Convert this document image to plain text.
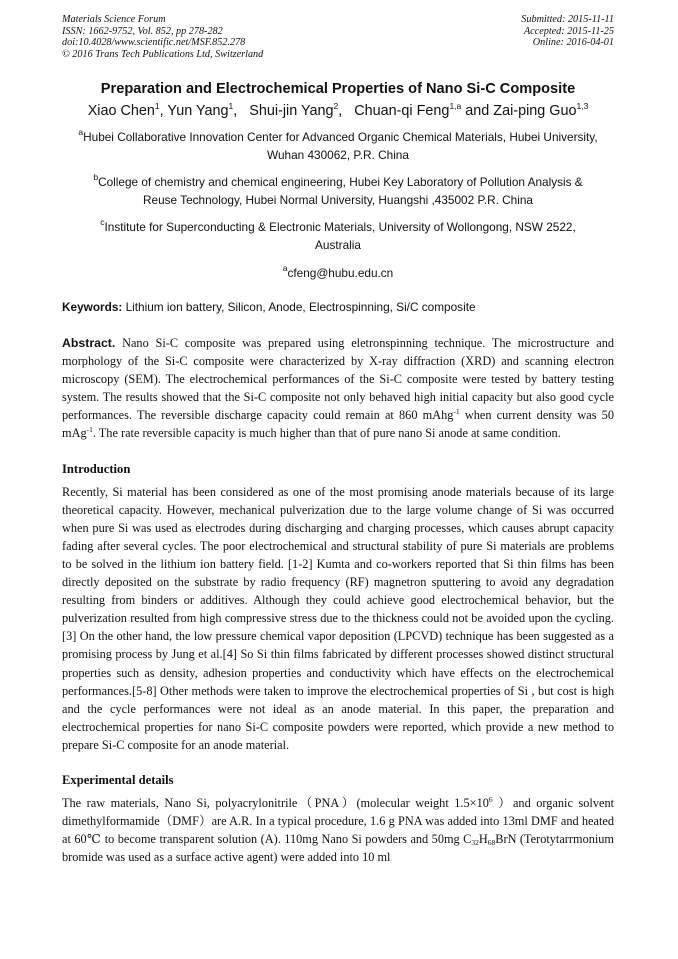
Materials Science Forum
ISSN: 1662-9752, Vol. 852, pp 278-282
doi:10.4028/www.scientific.net/MSF.852.278
© 2016 Trans Tech Publications Ltd, Switzerland
Submitted: 2015-11-11
Accepted: 2015-11-25
Online: 2016-04-01
Preparation and Electrochemical Properties of Nano Si-C Composite
Xiao Chen$^1$, Yun Yang$^1$,   Shui-jin Yang$^2$,   Chuan-qi Feng$^{1,a}$ and Zai-ping Guo$^{1,3}$
$^a$Hubei Collaborative Innovation Center for Advanced Organic Chemical Materials, Hubei University,
Wuhan 430062, P.R. China
$^b$College of chemistry and chemical engineering, Hubei Key Laboratory of Pollution Analysis &
Reuse Technology, Hubei Normal University, Huangshi ,435002 P.R. China
$^c$Institute for Superconducting & Electronic Materials, University of Wollongong, NSW 2522,
Australia
$^a$cfeng@hubu.edu.cn
Keywords: Lithium ion battery, Silicon, Anode, Electrospinning, Si/C composite
Abstract. Nano Si-C composite was prepared using eletronspinning technique. The microstructure and morphology of the Si-C composite were characterized by X-ray diffraction (XRD) and scanning electron microscopy (SEM). The electrochemical performances of the Si-C composite were tested by battery testing system. The results showed that the Si-C composite not only behaved high initial capacity but also good cycle performances. The reversible discharge capacity could remain at 860 mAhg$^{-1}$ when current density was 50 mAg$^{-1}$. The rate reversible capacity is much higher than that of pure nano Si anode at same condition.
Introduction
Recently, Si material has been considered as one of the most promising anode materials because of its large theoretical capacity. However, mechanical pulverization due to the large volume change of Si was occurred when pure Si was used as electrodes during discharging and charging processes, which causes abrupt capacity fading after several cycles. The poor electrochemical and structural stability of pure Si materials are problems to be solved in the lithium ion battery field. [1-2] Kumta and co-workers reported that Si thin films has been directly deposited on the substrate by radio frequency (RF) magnetron sputtering to avoid any degradation resulting from binders or additives. Although they could achieve good electrochemical behavior, but the pulverization resulted from high compressive stress due to the thickness could not be avoided upon the cycling.[3] On the other hand, the low pressure chemical vapor deposition (LPCVD) technique has been suggested as a promising process by Jung et al.[4] So Si thin films fabricated by different processes showed distinct structural properties such as density, adhesion properties and conductivity which have effects on the electrochemical performances.[5-8] Other methods were taken to improve the electrochemical properties of Si , but cost is high and the cycle performances were not ideal as an anode material. In this paper, the preparation and electrochemical properties for nano Si-C composite powders were reported, which provide a new method to prepare Si-C composite for an anode material.
Experimental details
The raw materials, Nano Si, polyacrylonitrile（PNA）(molecular weight $1.5\times 10^6$ ）and organic solvent dimethylformamide（DMF）are A.R. In a typical procedure, 1.6 g PNA was added into 13ml DMF and heated at 60℃ to become transparent solution (A). 110mg Nano Si powders and 50mg $C_{32}H_{68}BrN$ (Terotytarrmonium bromide was used as a surface active agent) were added into 10 ml
